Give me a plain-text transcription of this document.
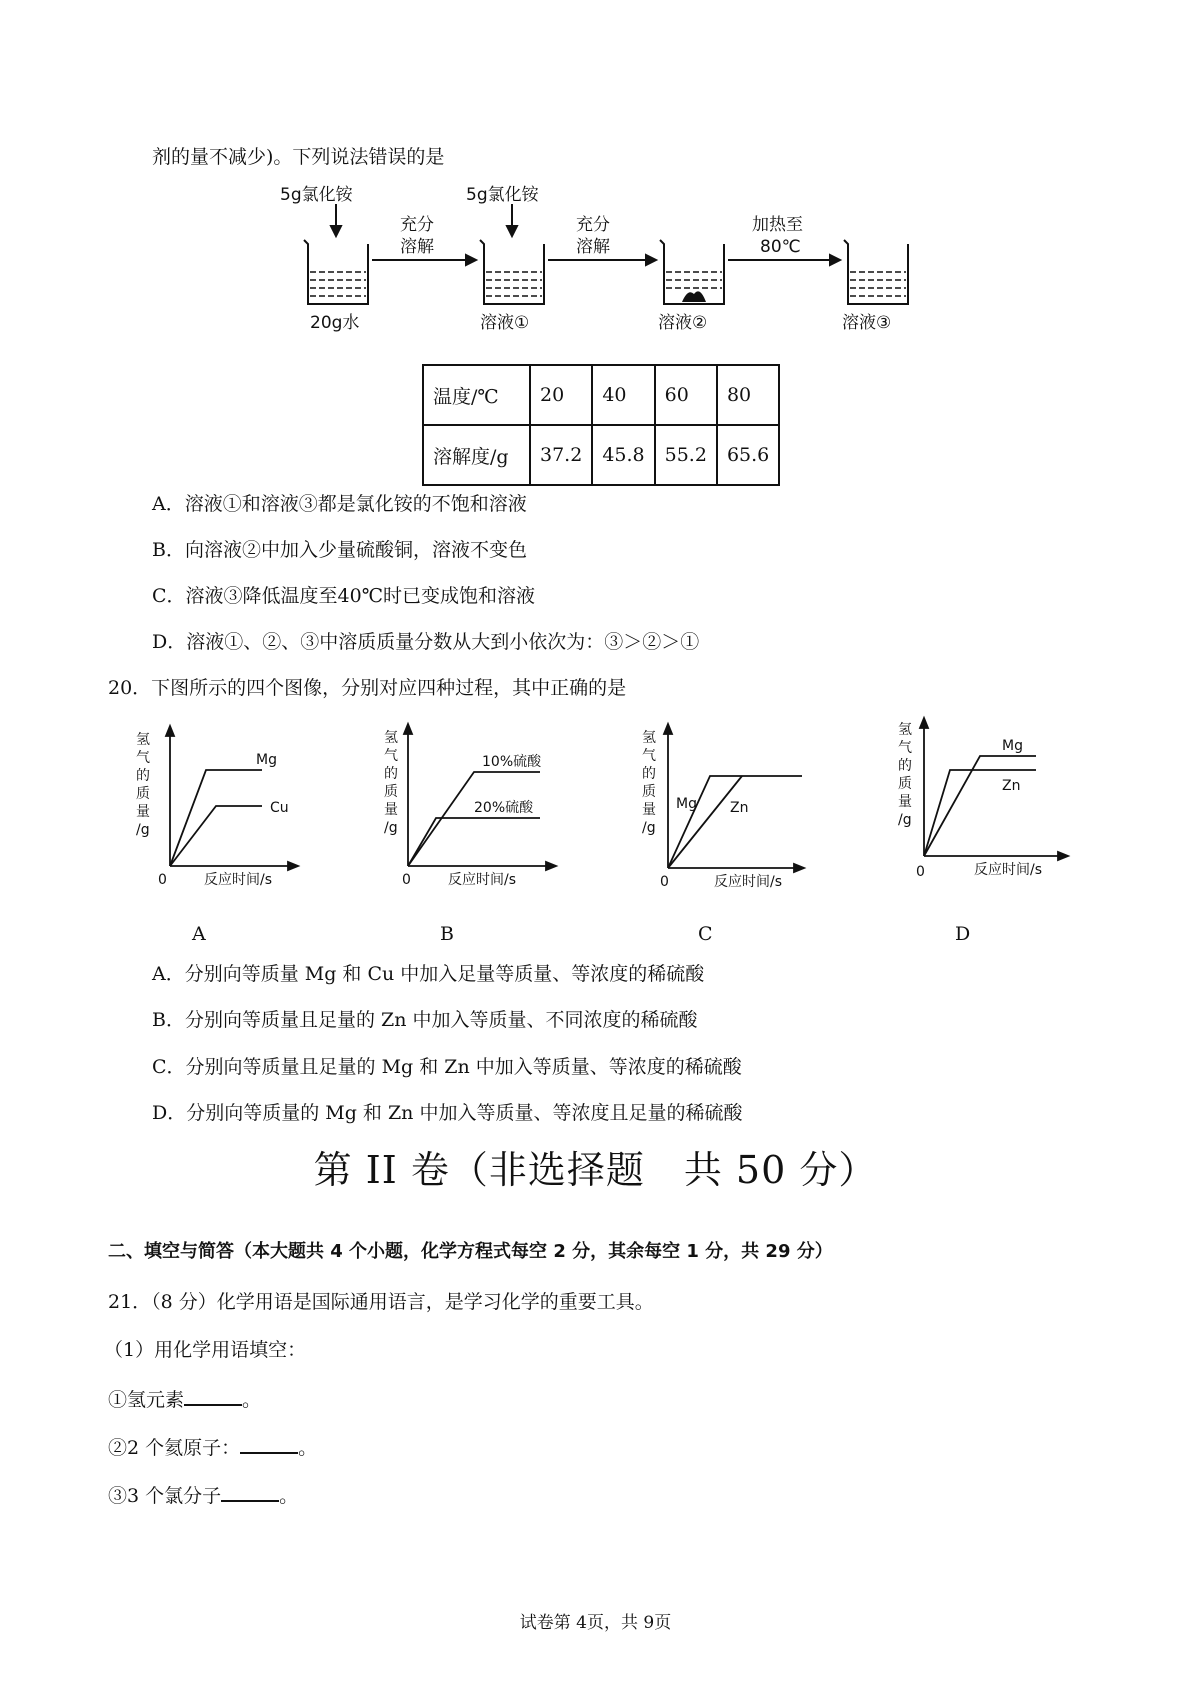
剂的量不减少)。下列说法错误的是
5g氯化铵	5g氯化铵
充分
溶解
充分
溶解
加热至
80℃
20g水	溶液①	溶液②	溶液③
温度/℃	20	40	60	80
溶解度/g	37.2	45.8	55.2	65.6
A．溶液①和溶液③都是氯化铵的不饱和溶液
B．向溶液②中加入少量硫酸铜，溶液不变色
C．溶液③降低温度至40℃时已变成饱和溶液
D．溶液①、②、③中溶质质量分数从大到小依次为：③＞②＞①
20．下图所示的四个图像，分别对应四种过程，其中正确的是
氢
气
的
质
量
/g
0	反应时间/s
Mg
Cu
氢
气
的
质
量
/g
0	反应时间/s
10%硫酸
20%硫酸
氢
气
的
质
量
/g
0	反应时间/s
Mg Zn
氢
气
的
质
量
/g
0	反应时间/s
Mg
Zn
A	B	C	D
A．分别向等质量 Mg 和 Cu 中加入足量等质量、等浓度的稀硫酸
B．分别向等质量且足量的 Zn 中加入等质量、不同浓度的稀硫酸
C．分别向等质量且足量的 Mg 和 Zn 中加入等质量、等浓度的稀硫酸
D．分别向等质量的 Mg 和 Zn 中加入等质量、等浓度且足量的稀硫酸
第 II 卷（非选择题　共 50 分）
二、填空与简答（本大题共 4 个小题，化学方程式每空 2 分，其余每空 1 分，共 29 分）
21．（8 分）化学用语是国际通用语言，是学习化学的重要工具。
（1）用化学用语填空：
①氢元素	。
②2 个氦原子：	。
③3 个氯分子	。
试卷第 4页，共 9页
